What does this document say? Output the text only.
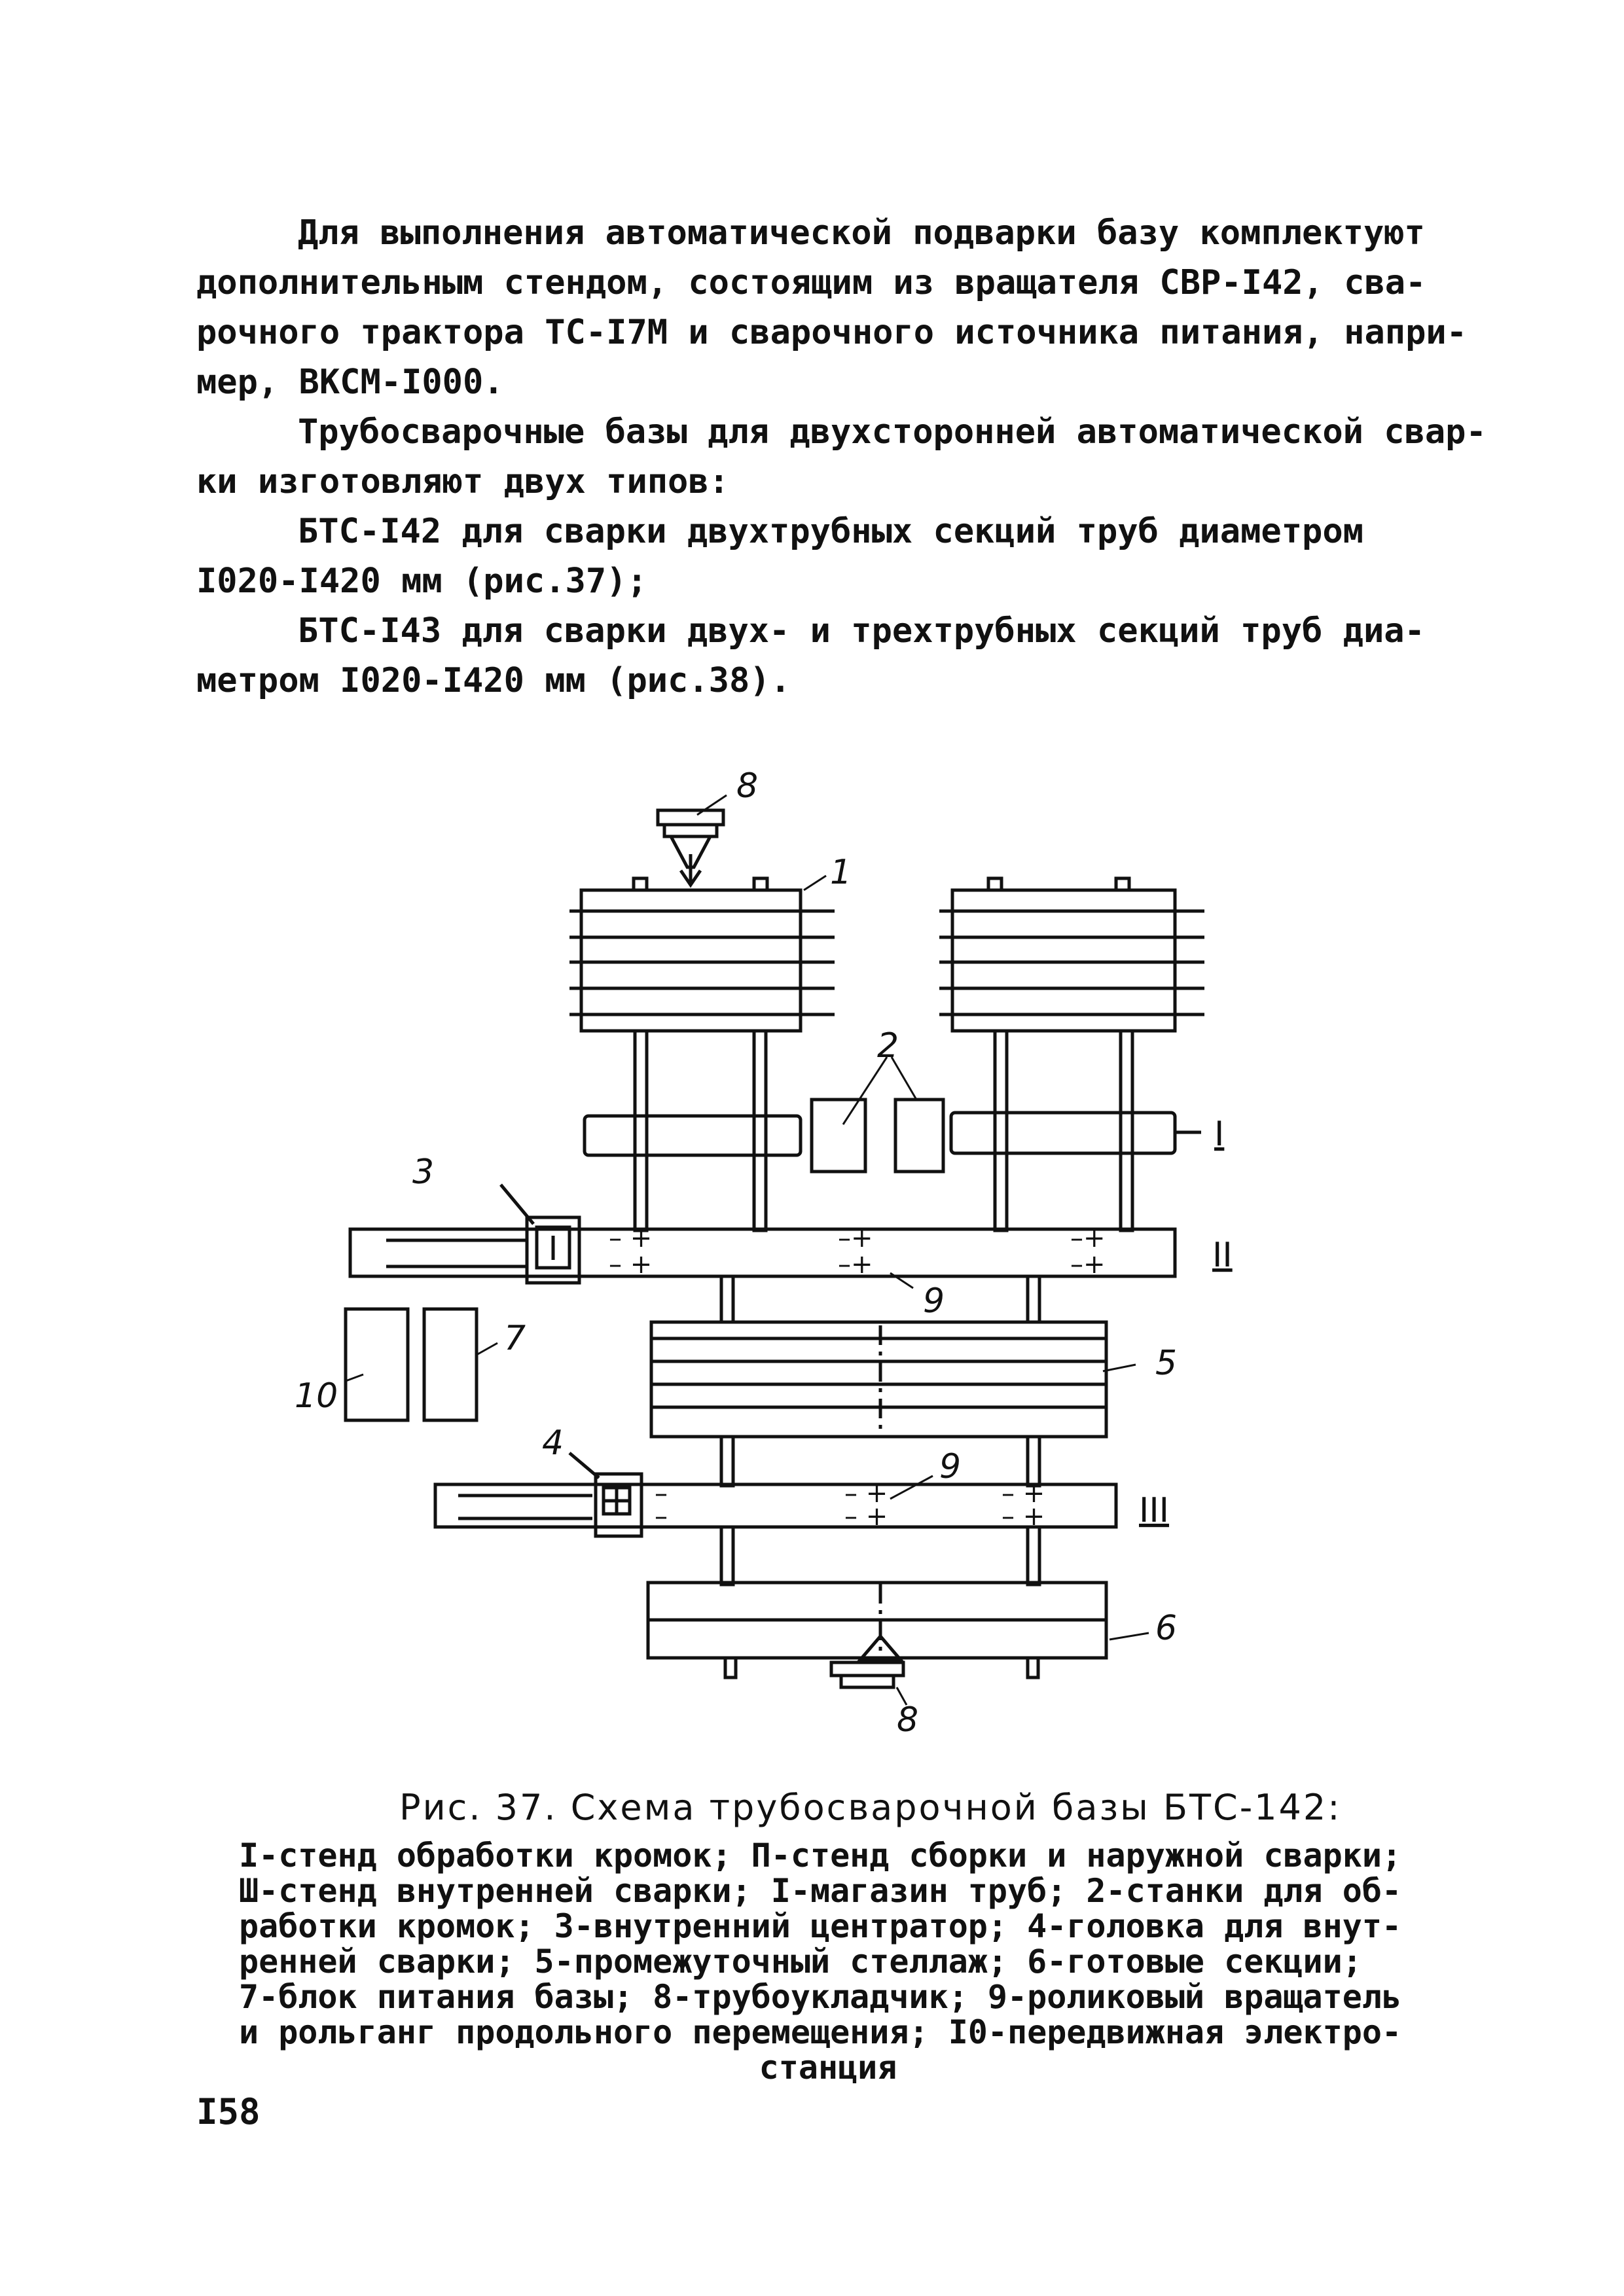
Для выполнения автоматической подварки базу комплектуют
дополнительным стендом, состоящим из вращателя СВР-I42, сва-
рочного трактора ТС-I7М и сварочного источника питания, напри-
мер, ВКСМ-I000.
Трубосварочные базы для двухсторонней автоматической свар-
ки изготовляют двух типов:
БТС-I42 для сварки двухтрубных секций труб диаметром
I020-I420 мм (рис.37);
БТС-I43 для сварки двух- и трехтрубных секций труб диа-
метром I020-I420 мм (рис.38).
– +
– +
–+
–+
–+
–+
–
–
– +
– +
– +
– +
1
2
3
4
5
6
7
8
8
9
9
10
I
II
III
Рис. 37. Схема трубосварочной базы БТС-142:
I-стенд обработки кромок; П-стенд сборки и наружной сварки;
Ш-стенд внутренней сварки; I-магазин труб; 2-станки для об-
работки кромок; 3-внутренний центратор; 4-головка для внут-
ренней сварки; 5-промежуточный стеллаж; 6-готовые секции;
7-блок питания базы; 8-трубоукладчик; 9-роликовый вращатель
и рольганг продольного перемещения; I0-передвижная электро-
станция
I58
